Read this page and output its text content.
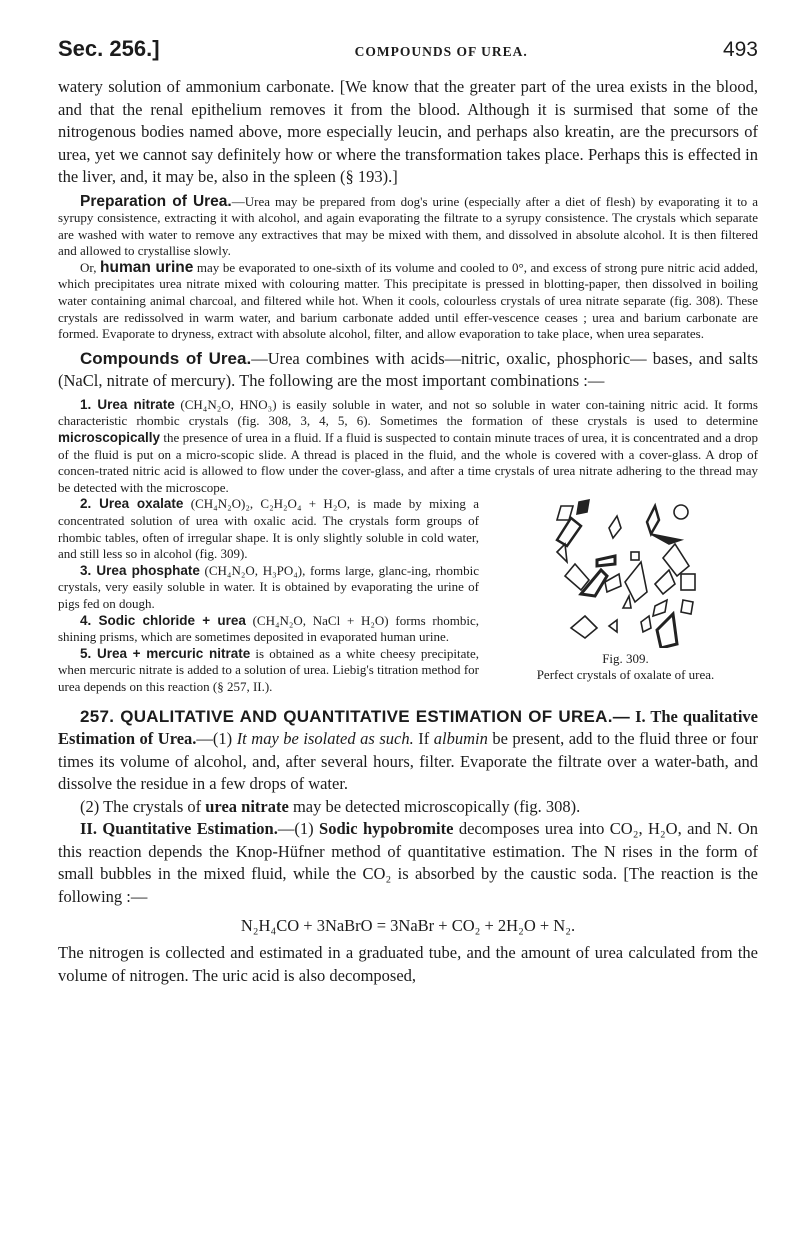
Sec. 256.]	COMPOUNDS OF UREA.	493

watery solution of ammonium carbonate. [We know that the greater part of the urea exists in the blood, and that the renal epithelium removes it from the blood. Although it is surmised that some of the nitrogenous bodies named above, more especially leucin, and perhaps also kreatin, are the precursors of urea, yet we cannot say definitely how or where the transformation takes place. Perhaps this is effected in the liver, and, it may be, also in the spleen (§ 193).]

Preparation of Urea.—Urea may be prepared from dog's urine (especially after a diet of flesh) by evaporating it to a syrupy consistence, extracting it with alcohol, and again evaporating the filtrate to a syrupy consistence. The crystals which separate are washed with water to remove any extractives that may be mixed with them, and dissolved in absolute alcohol. It is then filtered and allowed to crystallise slowly.

Or, human urine may be evaporated to one-sixth of its volume and cooled to 0°, and excess of strong pure nitric acid added, which precipitates urea nitrate mixed with colouring matter. This precipitate is pressed in blotting-paper, then dissolved in boiling water containing animal charcoal, and filtered while hot. When it cools, colourless crystals of urea nitrate separate (fig. 308). These crystals are redissolved in warm water, and barium carbonate added until effer-vescence ceases ; urea and barium carbonate are formed. Evaporate to dryness, extract with absolute alcohol, filter, and allow evaporation to take place, when urea separates.

Compounds of Urea.—Urea combines with acids—nitric, oxalic, phosphoric— bases, and salts (NaCl, nitrate of mercury). The following are the most important combinations :—

1. Urea nitrate (CH₄N₂O, HNO₃) is easily soluble in water, and not so soluble in water con-taining nitric acid. It forms characteristic rhombic crystals (fig. 308, 3, 4, 5, 6). Sometimes the formation of these crystals is used to determine microscopically the presence of urea in a fluid. If a fluid is suspected to contain minute traces of urea, it is concentrated and a drop of the fluid is put on a micro-scopic slide. A thread is placed in the fluid, and the whole is covered with a cover-glass. A drop of concen-trated nitric acid is allowed to flow under the cover-glass, and after a time crystals of urea nitrate adhering to the thread may be detected with the microscope.

Fig. 309.
Perfect crystals of oxalate of urea.

2. Urea oxalate (CH₄N₂O)₂, C₂H₂O₄ + H₂O, is made by mixing a concentrated solution of urea with oxalic acid. The crystals form groups of rhombic tables, often of irregular shape. It is only slightly soluble in cold water, and still less so in alcohol (fig. 309).

3. Urea phosphate (CH₄N₂O, H₃PO₄), forms large, glanc-ing, rhombic crystals, very easily soluble in water. It is obtained by evaporating the urine of pigs fed on dough.

4. Sodic chloride + urea (CH₄N₂O, NaCl + H₂O) forms rhombic, shining prisms, which are sometimes deposited in evaporated human urine.

5. Urea + mercuric nitrate is obtained as a white cheesy precipitate, when mercuric nitrate is added to a solution of urea. Liebig's titration method for urea depends on this reaction (§ 257, II.).

257. QUALITATIVE AND QUANTITATIVE ESTIMATION OF UREA.— I. The qualitative Estimation of Urea.—(1) It may be isolated as such. If albumin be present, add to the fluid three or four times its volume of alcohol, and, after several hours, filter. Evaporate the filtrate over a water-bath, and dissolve the residue in a few drops of water.

(2) The crystals of urea nitrate may be detected microscopically (fig. 308).

II. Quantitative Estimation.—(1) Sodic hypobromite decomposes urea into CO₂, H₂O, and N. On this reaction depends the Knop-Hüfner method of quantitative estimation. The N rises in the form of small bubbles in the mixed fluid, while the CO₂ is absorbed by the caustic soda. [The reaction is the following :—

N₂H₄CO + 3NaBrO = 3NaBr + CO₂ + 2H₂O + N₂.

The nitrogen is collected and estimated in a graduated tube, and the amount of urea calculated from the volume of nitrogen. The uric acid is also decomposed,
